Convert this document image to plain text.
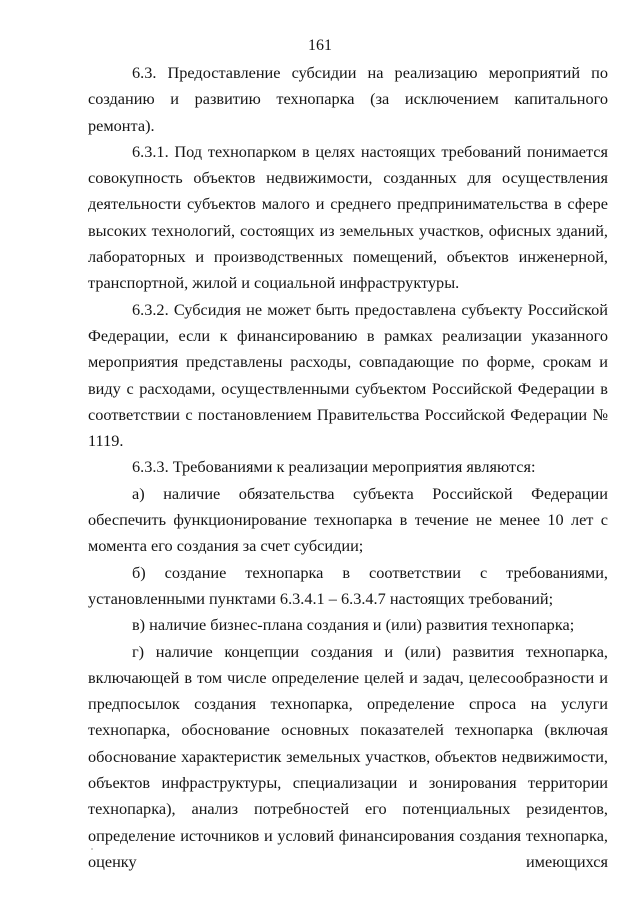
161

6.3. Предоставление субсидии на реализацию мероприятий по созданию и развитию технопарка (за исключением капитального ремонта).

6.3.1. Под технопарком в целях настоящих требований понимается совокупность объектов недвижимости, созданных для осуществления деятельности субъектов малого и среднего предпринимательства в сфере высоких технологий, состоящих из земельных участков, офисных зданий, лабораторных и производственных помещений, объектов инженерной, транспортной, жилой и социальной инфраструктуры.

6.3.2. Субсидия не может быть предоставлена субъекту Российской Федерации, если к финансированию в рамках реализации указанного мероприятия представлены расходы, совпадающие по форме, срокам и виду с расходами, осуществленными субъектом Российской Федерации в соответствии с постановлением Правительства Российской Федерации № 1119.

6.3.3. Требованиями к реализации мероприятия являются:

а) наличие обязательства субъекта Российской Федерации обеспечить функционирование технопарка в течение не менее 10 лет с момента его создания за счет субсидии;

б) создание технопарка в соответствии с требованиями, установленными пунктами 6.3.4.1 – 6.3.4.7 настоящих требований;

в) наличие бизнес-плана создания и (или) развития технопарка;

г) наличие концепции создания и (или) развития технопарка, включающей в том числе определение целей и задач, целесообразности и предпосылок создания технопарка, определение спроса на услуги технопарка, обоснование основных показателей технопарка (включая обоснование характеристик земельных участков, объектов недвижимости, объектов инфраструктуры, специализации и зонирования территории технопарка), анализ потребностей его потенциальных резидентов, определение источников и условий финансирования создания технопарка, оценку имеющихся
